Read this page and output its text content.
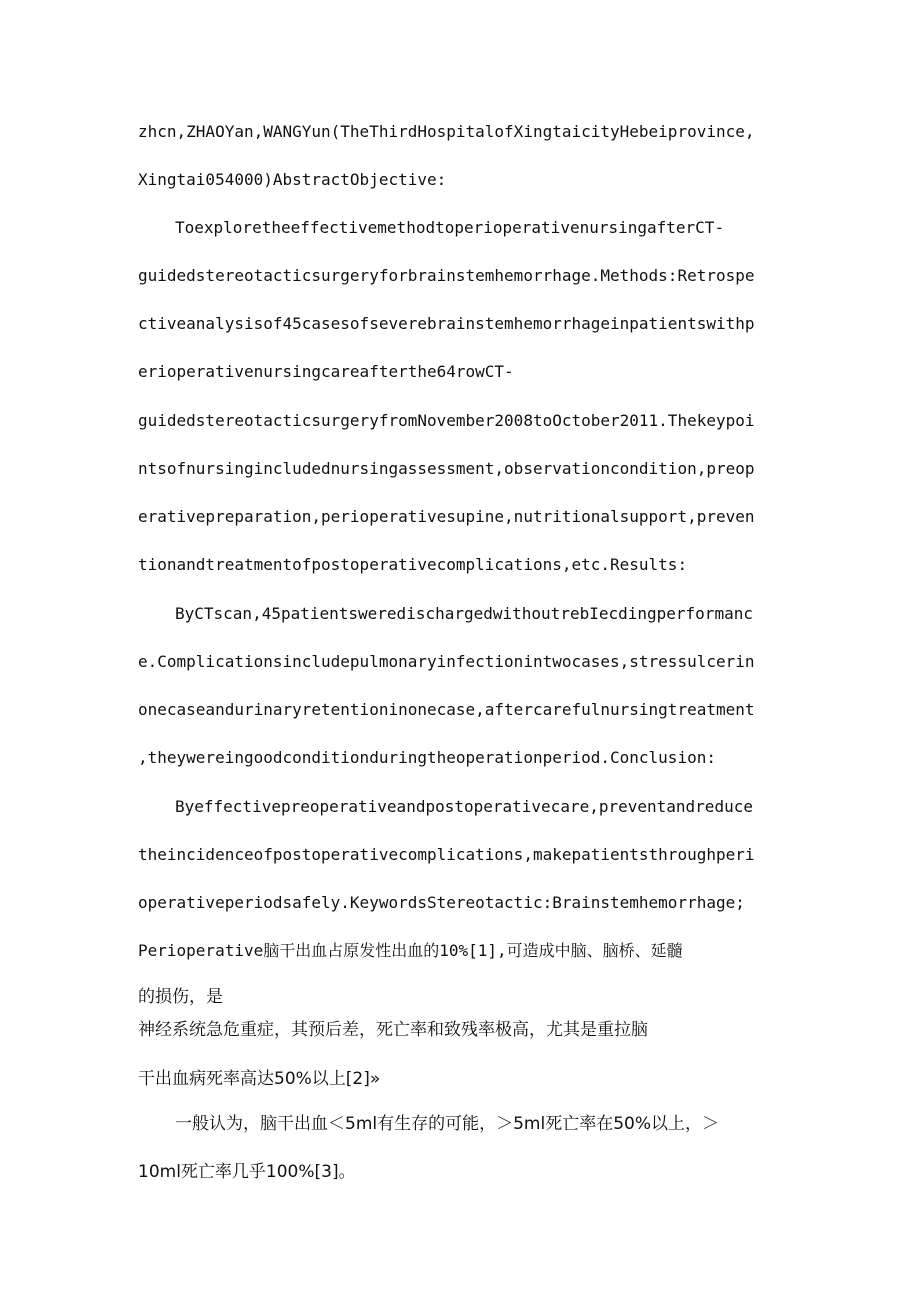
zhcn,ZHAOYan,WANGYun(TheThirdHospitalofXingtaicityHebeiprovince,
Xingtai054000)AbstractObjective:
ToexploretheeffectivemethodtoperioperativenursingafterCT-
guidedstereotacticsurgeryforbrainstemhemorrhage.Methods:Retrospe
ctiveanalysisof45casesofseverebrainstemhemorrhageinpatientswithp
erioperativenursingcareafterthe64rowCT-
guidedstereotacticsurgeryfromNovember2008toOctober2011.Thekeypoi
ntsofnursingincludednursingassessment,observationcondition,preop
erativepreparation,perioperativesupine,nutritionalsupport,preven
tionandtreatmentofpostoperativecomplications,etc.Results:
ByCTscan,45patientsweredischargedwithoutrebIecdingperformanc
e.Complicationsincludepulmonaryinfectionintwocases,stressulcerin
onecaseandurinaryretentioninonecase,aftercarefulnursingtreatment
,theywereingoodconditionduringtheoperationperiod.Conclusion:
Byeffectivepreoperativeandpostoperativecare,preventandreduce
theincidenceofpostoperativecomplications,makepatientsthroughperi
operativeperiodsafely.KeywordsStereotactic:Brainstemhemorrhage;
Perioperative脑干出血占原发性出血的10%[1],可造成中脑、脑桥、延髓
的损伤，是
神经系统急危重症，其预后差，死亡率和致残率极高，尤其是重拉脑
干出血病死率高达50%以上[2]»
一般认为，脑干出血＜5ml有生存的可能，＞5ml死亡率在50%以上，＞
10ml死亡率几乎100%[3]。
